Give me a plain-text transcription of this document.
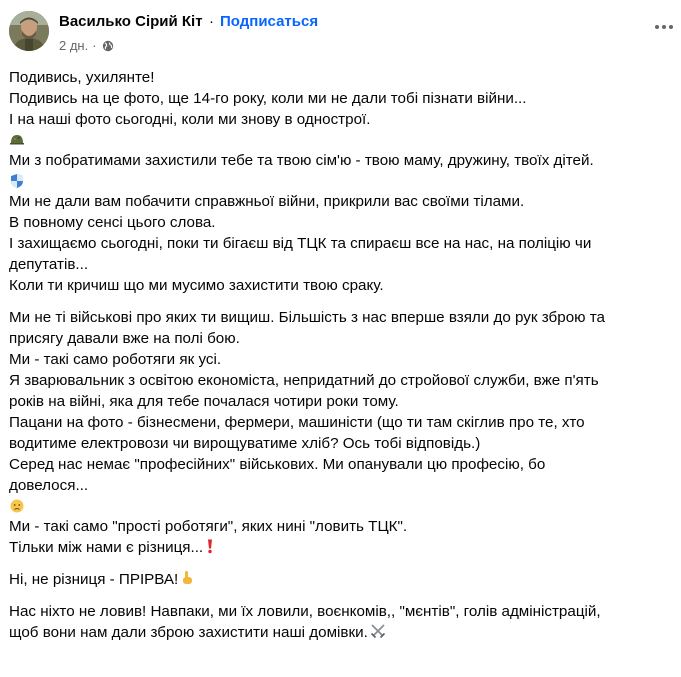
Василько Сірий Кіт · Подписаться
2 дн. ·

Подивись, ухилянте!

Подивись на це фото, ще 14-го року, коли ми не дали тобі пізнати війни...

І на наші фото сьогодні, коли ми знову в однострої.

Ми з побратимами захистили тебе та твою сім'ю - твою маму, дружину, твоїх дітей.

Ми не дали вам побачити справжньої війни, прикрили вас своїми тілами.

В повному сенсі цього слова.

І захищаємо сьогодні, поки ти бігаєш від ТЦК та спираєш все на нас, на поліцію чи

депутатів...

Коли ти кричиш що ми мусимо захистити твою сраку.

Ми не ті військові про яких ти вищиш. Більшість з нас вперше взяли до рук зброю та

присягу давали вже на полі бою.

Ми - такі само роботяги як усі.

Я зварювальник з освітою економіста, непридатний до стройової служби, вже п'ять

років на війні, яка для тебе почалася чотири роки тому.

Пацани на фото - бізнесмени, фермери, машиністи (що ти там скіглив про те, хто

водитиме електровози чи вирощуватиме хліб? Ось тобі відповідь.)

Серед нас немає "професійних" військових. Ми опанували цю професію, бо

довелося...

Ми - такі само "прості роботяги", яких нині "ловить ТЦК".

Тільки між нами є різниця...

Ні, не різниця - ПРІРВА!

Нас ніхто не ловив! Навпаки, ми їх ловили, воєнкомів,, "мєнтів", голів адміністрацій,

щоб вони нам дали зброю захистити наші домівки.
